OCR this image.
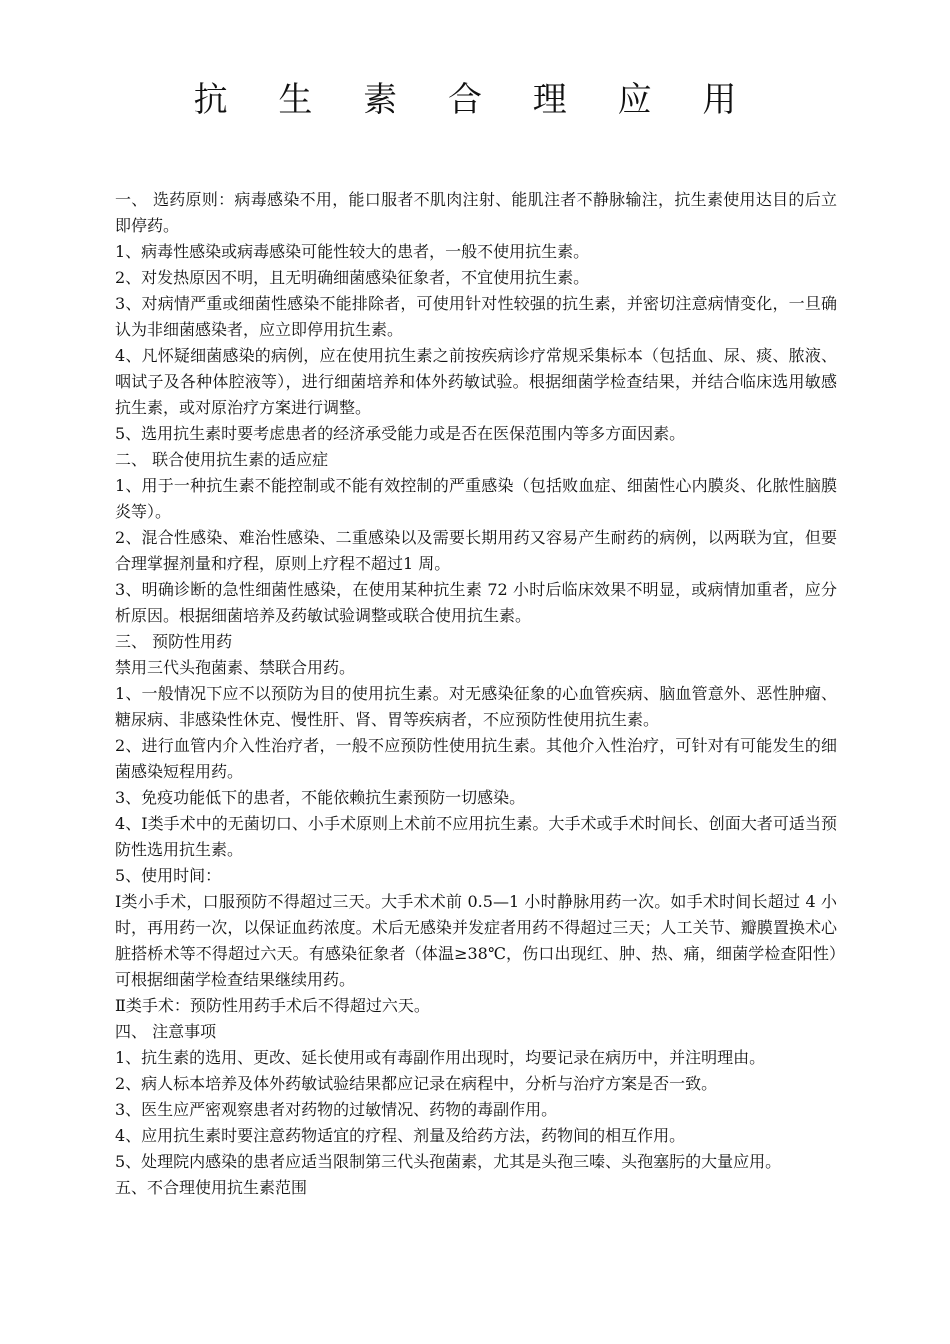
抗 生 素 合 理 应 用

一、 选药原则：病毒感染不用，能口服者不肌肉注射、能肌注者不静脉输注，抗生素使用达目的后立即停药。

1、病毒性感染或病毒感染可能性较大的患者，一般不使用抗生素。

2、对发热原因不明，且无明确细菌感染征象者，不宜使用抗生素。

3、对病情严重或细菌性感染不能排除者，可使用针对性较强的抗生素，并密切注意病情变化，一旦确认为非细菌感染者，应立即停用抗生素。

4、凡怀疑细菌感染的病例，应在使用抗生素之前按疾病诊疗常规采集标本（包括血、尿、痰、脓液、咽试子及各种体腔液等），进行细菌培养和体外药敏试验。根据细菌学检查结果，并结合临床选用敏感抗生素，或对原治疗方案进行调整。

5、选用抗生素时要考虑患者的经济承受能力或是否在医保范围内等多方面因素。

二、 联合使用抗生素的适应症

1、用于一种抗生素不能控制或不能有效控制的严重感染（包括败血症、细菌性心内膜炎、化脓性脑膜炎等）。

2、混合性感染、难治性感染、二重感染以及需要长期用药又容易产生耐药的病例，以两联为宜，但要合理掌握剂量和疗程，原则上疗程不超过1 周。

3、明确诊断的急性细菌性感染，在使用某种抗生素 72 小时后临床效果不明显，或病情加重者，应分析原因。根据细菌培养及药敏试验调整或联合使用抗生素。

三、 预防性用药

禁用三代头孢菌素、禁联合用药。

1、一般情况下应不以预防为目的使用抗生素。对无感染征象的心血管疾病、脑血管意外、恶性肿瘤、糖尿病、非感染性休克、慢性肝、肾、胃等疾病者，不应预防性使用抗生素。

2、进行血管内介入性治疗者，一般不应预防性使用抗生素。其他介入性治疗，可针对有可能发生的细菌感染短程用药。

3、免疫功能低下的患者，不能依赖抗生素预防一切感染。

4、Ⅰ类手术中的无菌切口、小手术原则上术前不应用抗生素。大手术或手术时间长、创面大者可适当预防性选用抗生素。

5、使用时间：

Ⅰ类小手术，口服预防不得超过三天。大手术术前 0.5—1 小时静脉用药一次。如手术时间长超过 4 小时，再用药一次，以保证血药浓度。术后无感染并发症者用药不得超过三天；人工关节、瓣膜置换术心脏搭桥术等不得超过六天。有感染征象者（体温≥38℃，伤口出现红、肿、热、痛，细菌学检查阳性）可根据细菌学检查结果继续用药。

Ⅱ类手术：预防性用药手术后不得超过六天。

四、 注意事项

1、抗生素的选用、更改、延长使用或有毒副作用出现时，均要记录在病历中，并注明理由。

2、病人标本培养及体外药敏试验结果都应记录在病程中，分析与治疗方案是否一致。

3、医生应严密观察患者对药物的过敏情况、药物的毒副作用。

4、应用抗生素时要注意药物适宜的疗程、剂量及给药方法，药物间的相互作用。

5、处理院内感染的患者应适当限制第三代头孢菌素，尤其是头孢三嗪、头孢塞肟的大量应用。

五、不合理使用抗生素范围
